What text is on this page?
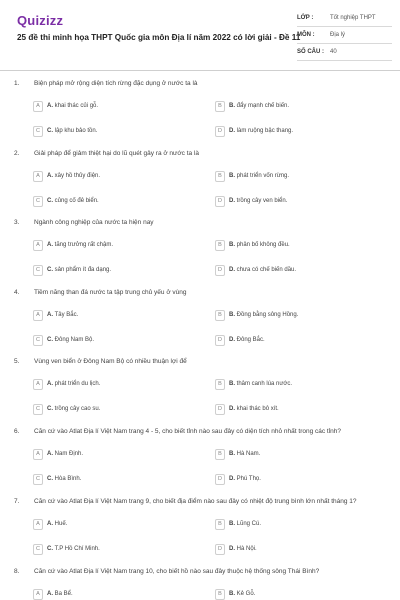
Quizizz
25 đề thi minh họa THPT Quốc gia môn Địa lí năm 2022 có lời giải - Đề 11
LỚP :	Tốt nghiệp THPT
MÔN :	Địa lý
SỐ CÂU :	40
1. Biện pháp mở rộng diện tích rừng đặc dụng ở nước ta là
A	A. khai thác củi gỗ.	B	B. đẩy mạnh chế biến.
C	C. lập khu bảo tồn.	D	D. làm ruộng bậc thang.
2. Giải pháp để giảm thiệt hại do lũ quét gây ra ở nước ta là
A	A. xây hồ thủy điện.	B	B. phát triển vốn rừng.
C	C. củng cố đê biển.	D	D. trồng cây ven biển.
3. Ngành công nghiệp của nước ta hiện nay
A	A. tăng trưởng rất chậm.	B	B. phân bố không đều.
C	C. sản phẩm ít đa dạng.	D	D. chưa có chế biến dầu.
4. Tiềm năng than đá nước ta tập trung chủ yếu ở vùng
A	A. Tây Bắc.	B	B. Đồng bằng sông Hồng.
C	C. Đông Nam Bộ.	D	D. Đông Bắc.
5. Vùng ven biển ở Đông Nam Bộ có nhiều thuận lợi để
A	A. phát triển du lịch.	B	B. thâm canh lúa nước.
C	C. trồng cây cao su.	D	D. khai thác bô xít.
6. Căn cứ vào Atlat Địa lí Việt Nam trang 4 - 5, cho biết tỉnh nào sau đây có diện tích nhỏ nhất trong các tỉnh?
A	A. Nam Định.	B	B. Hà Nam.
C	C. Hòa Bình.	D	D. Phú Thọ.
7. Căn cứ vào Atlat Địa lí Việt Nam trang 9, cho biết địa điểm nào sau đây có nhiệt độ trung bình lớn nhất tháng 1?
A	A. Huế.	B	B. Lũng Cú.
C	C. T.P Hồ Chí Minh.	D	D. Hà Nội.
8. Căn cứ vào Atlat Địa lí Việt Nam trang 10, cho biết hồ nào sau đây thuộc hệ thống sông Thái Bình?
A	A. Ba Bể.	B	B. Kẻ Gỗ.
